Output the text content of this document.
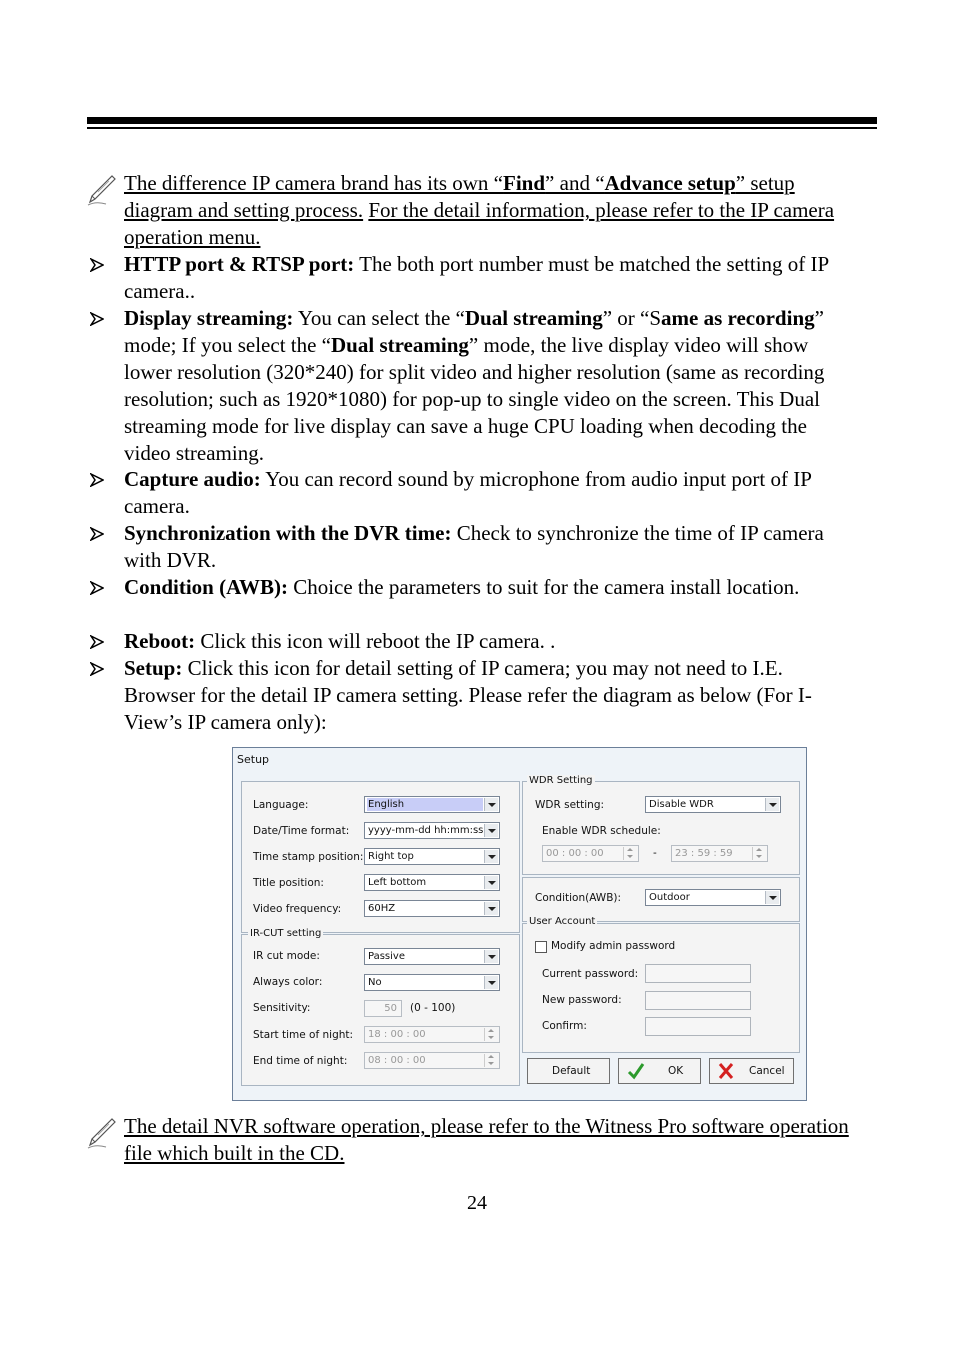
The difference IP camera brand has its own “Find” and “Advance setup” setup diagram and setting process. For the detail information, please refer to the IP camera operation menu.
HTTP port & RTSP port: The both port number must be matched the setting of IP camera..
Display streaming: You can select the “Dual streaming” or “Same as recording” mode; If you select the “Dual streaming” mode, the live display video will show lower resolution (320*240) for split video and higher resolution (same as recording resolution; such as 1920*1080) for pop-up to single video on the screen. This Dual streaming mode for live display can save a huge CPU loading when decoding the video streaming.
Capture audio: You can record sound by microphone from audio input port of IP camera.
Synchronization with the DVR time: Check to synchronize the time of IP camera with DVR.
Condition (AWB): Choice the parameters to suit for the camera install location.
Reboot: Click this icon will reboot the IP camera. .
Setup: Click this icon for detail setting of IP camera; you may not need to I.E. Browser for the detail IP camera setting. Please refer the diagram as below (For I-View’s IP camera only):
Setup
Language:	English
Date/Time format: yyyy-mm-dd hh:mm:ss
Time stamp position: Right top
Title position:	Left bottom
Video frequency:	60HZ
IR-CUT setting
IR cut mode:	Passive
Always color:	No
Sensitivity:	50 (0 - 100)
Start time of night: 18 : 00 : 00
End time of night: 08 : 00 : 00
WDR Setting
WDR setting:	Disable WDR
Enable WDR schedule:
00 : 00 : 00	- 23 : 59 : 59
Condition(AWB):	Outdoor
User Account
Modify admin password
Current password:
New password:
Confirm:
Default	OK	Cancel
The detail NVR software operation, please refer to the Witness Pro software operation file which built in the CD.
24
